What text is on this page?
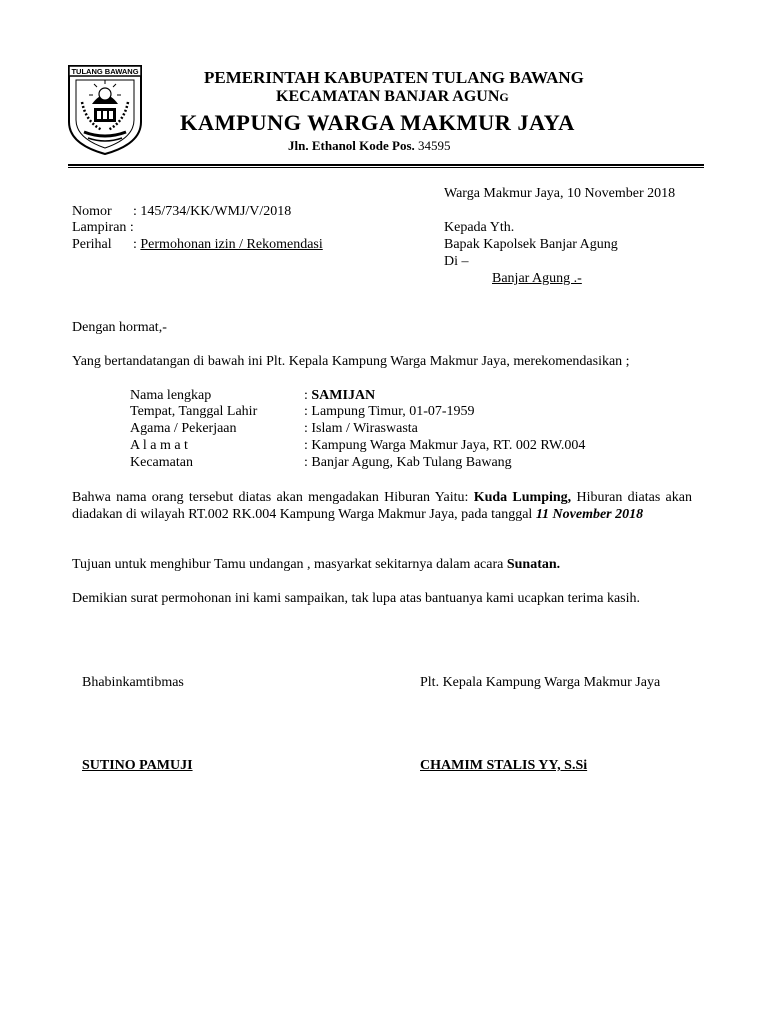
TULANG BAWANG	PEMERINTAH KABUPATEN TULANG BAWANG
KECAMATAN BANJAR AGUNG
KAMPUNG WARGA MAKMUR JAYA
Jln. Ethanol Kode Pos. 34595
Warga Makmur Jaya, 10 November 2018
Nomor : 145/734/KK/WMJ/V/2018
Lampiran :
Perihal : Permohonan izin / Rekomendasi
Kepada Yth.
Bapak Kapolsek Banjar Agung
Di –
Banjar Agung .-
Dengan hormat,-
Yang bertandatangan di bawah ini Plt. Kepala Kampung Warga Makmur Jaya, merekomendasikan ;
Nama lengkap	: SAMIJAN
Tempat, Tanggal Lahir	: Lampung Timur, 01-07-1959
Agama / Pekerjaan	: Islam / Wiraswasta
A l a m a t	: Kampung Warga Makmur Jaya, RT. 002 RW.004
Kecamatan	: Banjar Agung, Kab Tulang Bawang
Bahwa nama orang tersebut diatas akan mengadakan Hiburan Yaitu: Kuda Lumping, Hiburan diatas akan diadakan di wilayah RT.002 RK.004 Kampung Warga Makmur Jaya, pada tanggal 11 November 2018
Tujuan untuk menghibur Tamu undangan , masyarkat sekitarnya dalam acara Sunatan.
Demikian surat permohonan ini kami sampaikan, tak lupa atas bantuanya kami ucapkan terima kasih.
Bhabinkamtibmas	Plt. Kepala Kampung Warga Makmur Jaya
SUTINO PAMUJI	CHAMIM STALIS YY, S.Si
